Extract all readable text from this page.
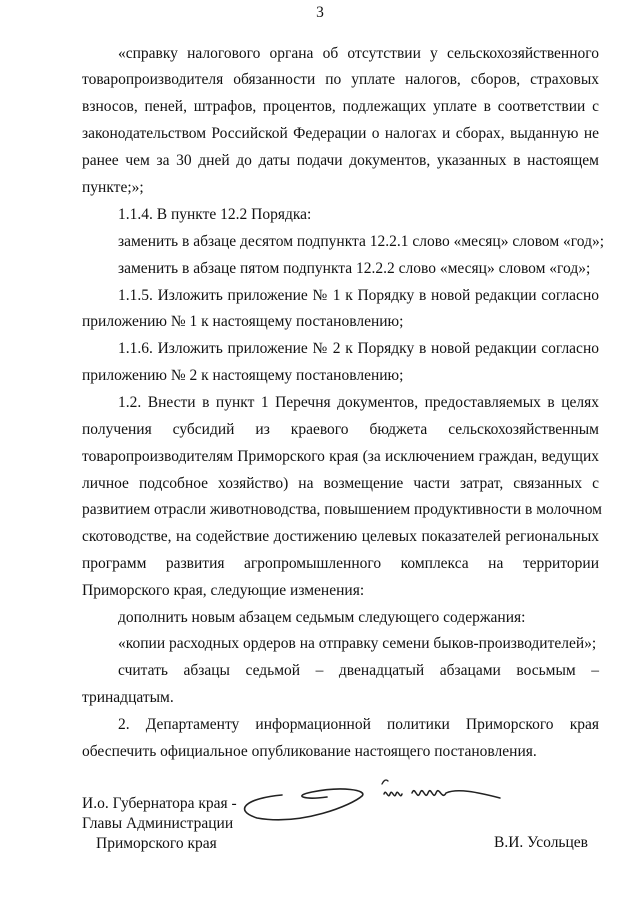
3
«справку налогового органа об отсутствии у сельскохозяйственного
товаропроизводителя обязанности по уплате налогов, сборов, страховых
взносов, пеней, штрафов, процентов, подлежащих уплате в соответствии с
законодательством Российской Федерации о налогах и сборах, выданную не
ранее чем за 30 дней до даты подачи документов, указанных в настоящем
пункте;»;
1.1.4. В пункте 12.2 Порядка:
заменить в абзаце десятом подпункта 12.2.1 слово «месяц» словом «год»;
заменить в абзаце пятом подпункта 12.2.2 слово «месяц» словом «год»;
1.1.5. Изложить приложение № 1 к Порядку в новой редакции согласно
приложению № 1 к настоящему постановлению;
1.1.6. Изложить приложение № 2 к Порядку в новой редакции согласно
приложению № 2 к настоящему постановлению;
1.2. Внести в пункт 1 Перечня документов, предоставляемых в целях
получения субсидий из краевого бюджета сельскохозяйственным
товаропроизводителям Приморского края (за исключением граждан, ведущих
личное подсобное хозяйство) на возмещение части затрат, связанных с
развитием отрасли животноводства, повышением продуктивности в молочном
скотоводстве, на содействие достижению целевых показателей региональных
программ развития агропромышленного комплекса на территории
Приморского края, следующие изменения:
дополнить новым абзацем седьмым следующего содержания:
«копии расходных ордеров на отправку семени быков-производителей»;
считать абзацы седьмой – двенадцатый абзацами восьмым –
тринадцатым.
2. Департаменту информационной политики Приморского края
обеспечить официальное опубликование настоящего постановления.
И.о. Губернатора края -
Главы Администрации
Приморского края	В.И. Усольцев
